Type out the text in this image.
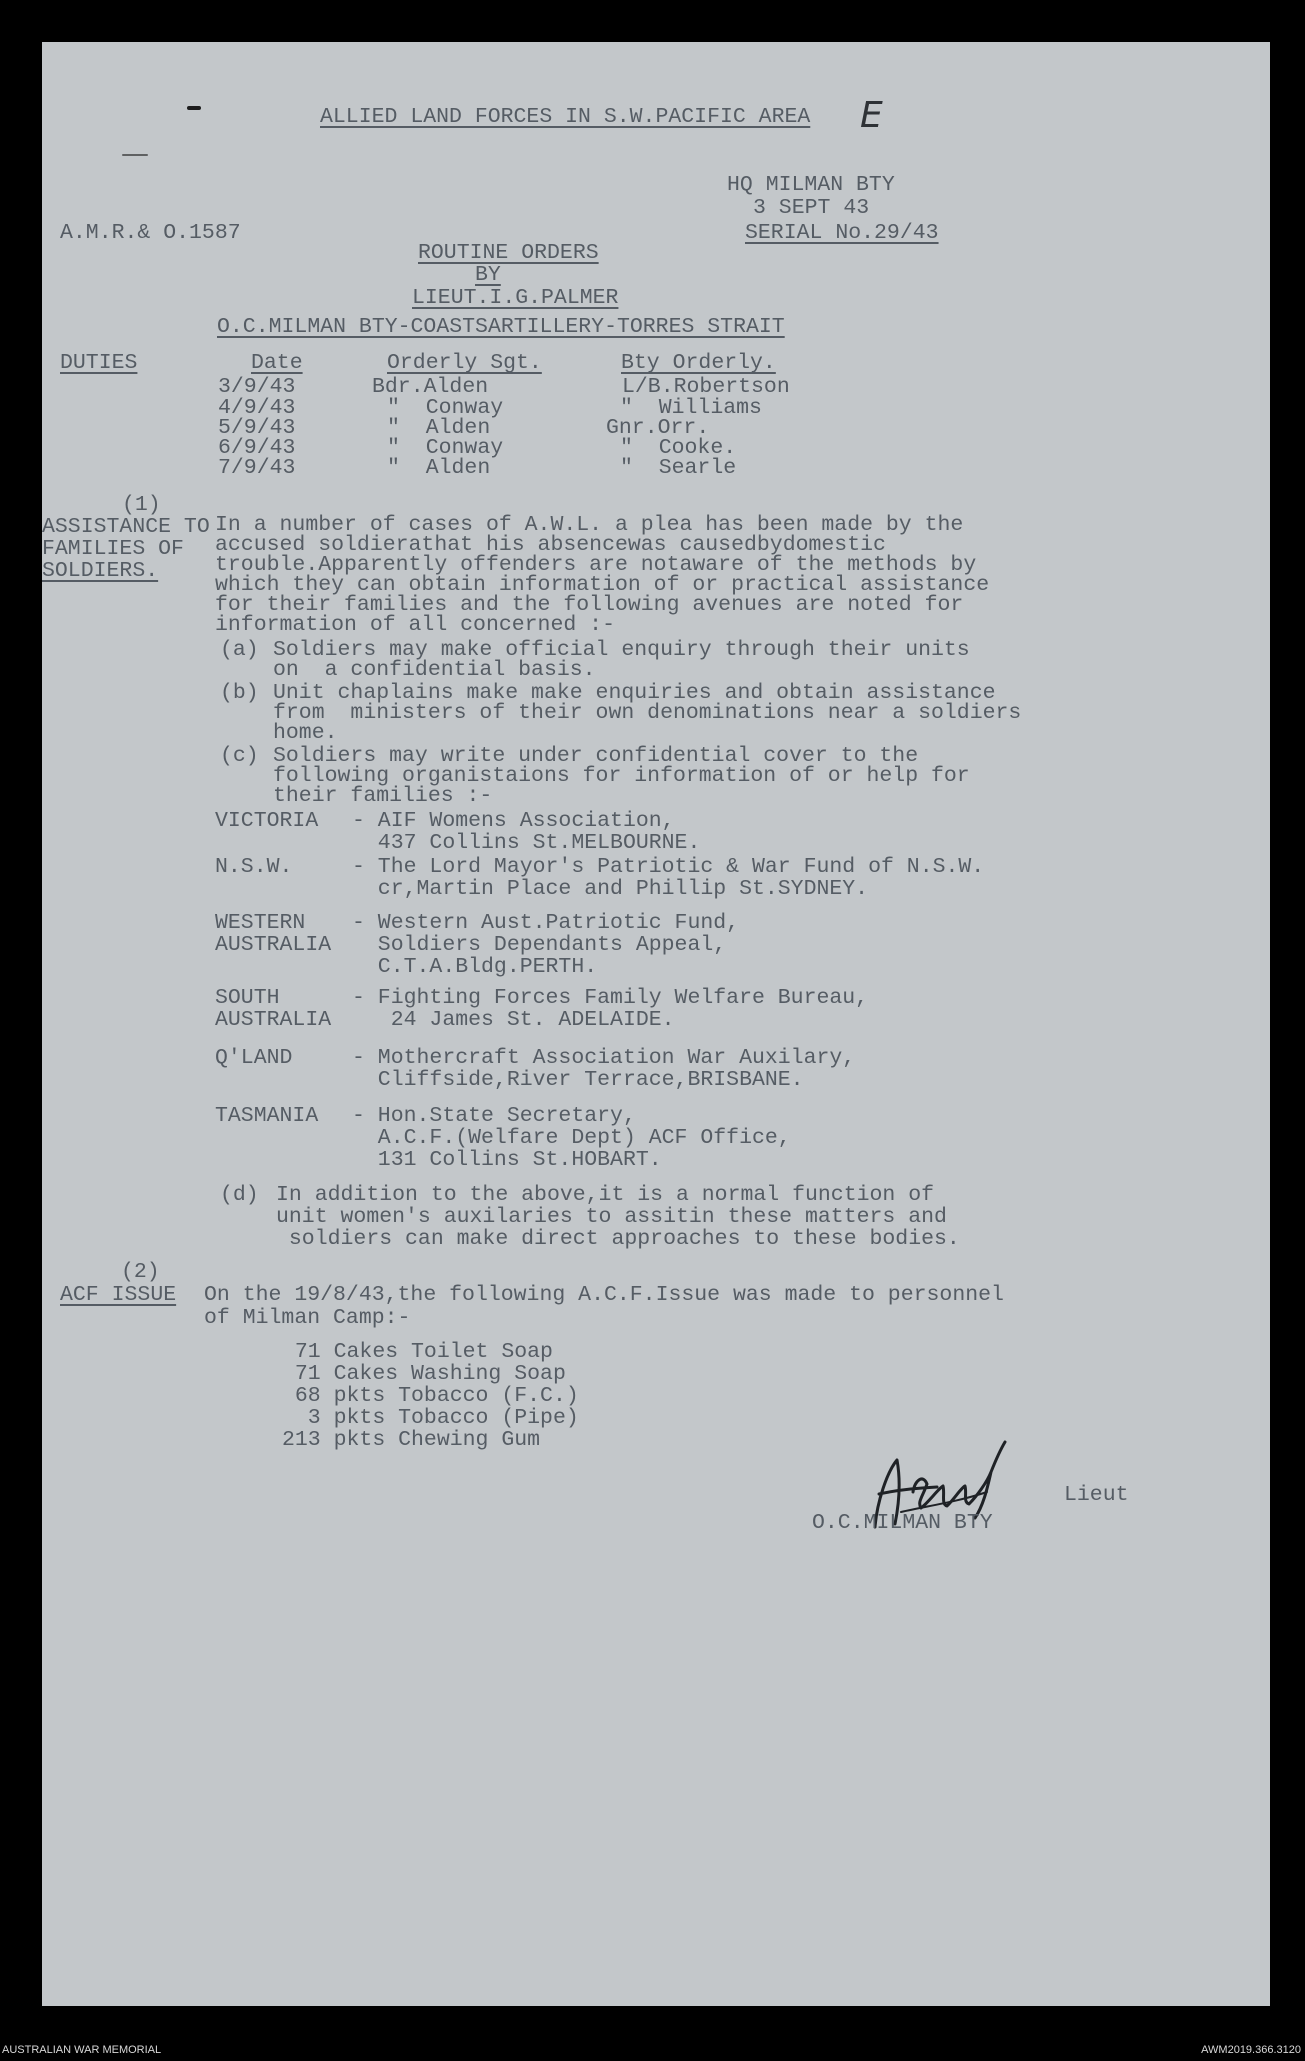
ALLIED LAND FORCES IN S.W.PACIFIC AREA E
HQ MILMAN BTY
3 SEPT 43
A.M.R.& O.1587	SERIAL No.29/43
ROUTINE ORDERS
BY
LIEUT.I.G.PALMER
O.C.MILMAN BTY-COASTSARTILLERY-TORRES STRAIT
DUTIES	Date	Orderly Sgt.	Bty Orderly.
3/9/43	Bdr.Alden	L/B.Robertson
4/9/43	"  Conway	"  Williams
5/9/43	"  Alden	Gnr.Orr.
6/9/43	"  Conway	"  Cooke.
7/9/43	"  Alden	"  Searle
(1)
ASSISTANCE TO
FAMILIES OF
SOLDIERS.
In a number of cases of A.W.L. a plea has been made by the
accused soldierathat his absencewas causedbydomestic
trouble.Apparently offenders are notaware of the methods by
which they can obtain information of or practical assistance
for their families and the following avenues are noted for
information of all concerned :-
(a) Soldiers may make official enquiry through their units
on  a confidential basis.
(b) Unit chaplains make make enquiries and obtain assistance
from  ministers of their own denominations near a soldiers
home.
(c) Soldiers may write under confidential cover to the
following organistaions for information of or help for
their families :-
VICTORIA - AIF Womens Association,
437 Collins St.MELBOURNE.
N.S.W.	- The Lord Mayor's Patriotic & War Fund of N.S.W.
cr,Martin Place and Phillip St.SYDNEY.
WESTERN
AUSTRALIA
- Western Aust.Patriotic Fund,
Soldiers Dependants Appeal,
C.T.A.Bldg.PERTH.
SOUTH
AUSTRALIA
- Fighting Forces Family Welfare Bureau,
24 James St. ADELAIDE.
Q'LAND	- Mothercraft Association War Auxilary,
Cliffside,River Terrace,BRISBANE.
TASMANIA - Hon.State Secretary,
A.C.F.(Welfare Dept) ACF Office,
131 Collins St.HOBART.
(d) In addition to the above,it is a normal function of
unit women's auxilaries to assitin these matters and
soldiers can make direct approaches to these bodies.
(2)
ACF ISSUE On the 19/8/43,the following A.C.F.Issue was made to personnel
of Milman Camp:-
71 Cakes Toilet Soap
71 Cakes Washing Soap
68 pkts Tobacco (F.C.)
3 pkts Tobacco (Pipe)
213 pkts Chewing Gum
Lieut
O.C.MILMAN BTY
AUSTRALIAN WAR MEMORIAL	AWM2019.366.3120
